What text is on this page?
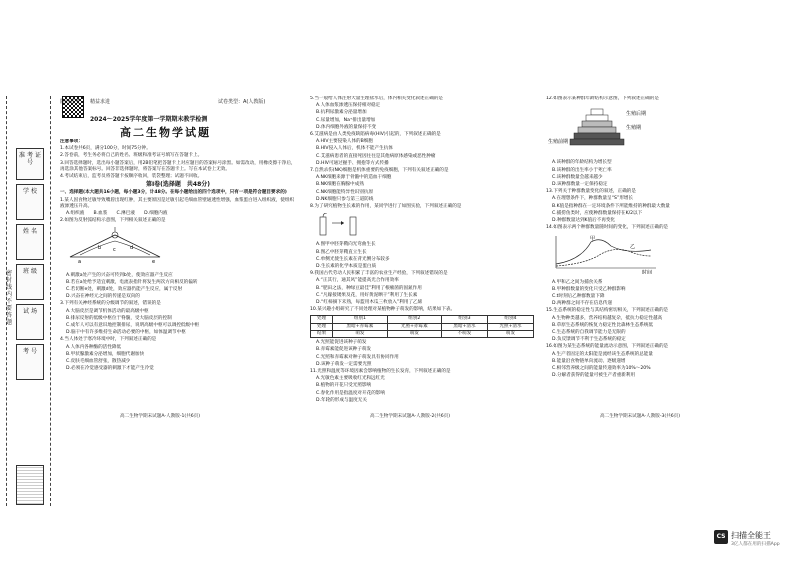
密
封
线
内
不
要
答
题
准考证号
学校
姓名
班级
试场
考号
陕西省考　　精益求进	试卷类型：A(人教版)
2024～2025学年度第一学期期末教学检测
高二生物学试题
注意事项：
1.本试卷共6页，满分100分，时间75分钟。
2.答卷前，考生务必将自己的姓名、班级和准考证号填写在答题卡上。
3.回答选择题时，选出每小题答案后，用2B铅笔把答题卡上对应题目的答案标号涂黑。如需改动，用橡皮擦干净后，再选涂其他答案标号。回答非选择题时，将答案写在答题卡上。写在本试卷上无效。
4.考试结束后，监考员将答题卡按顺序收回，装袋整理；试题不回收。
第Ⅰ卷(选择题　共48分)
一、选择题(本大题共16小题，每小题3分，计48分。在每小题给出的四个选项中，只有一项是符合题目要求的)
1.某人因食物过敏导致嘴唇出现红肿，其主要原因是过敏引起毛细血管壁通透性增强，血浆蛋白进入组织液，使组织液渗透压升高。
A.组织液　　B.血浆　　C.淋巴液　　D.细胞内液
2.如图为反射弧结构示意图，下列相关叙述正确的是
a
b c	d
e
A.刺激a处产生的兴奋可传到b处，使效应器产生反应
B.若在a处给予适宜刺激，电流表指针将发生两次方向相反的偏转
C.若切断e处，刺激d处，效应器仍能产生反应，属于反射
D.兴奋在神经元之间的传递是双向的
3.下列有关神经系统的分级调节的叙述，错误的是
A.大脑皮层是调节机体活动的最高级中枢
B.排尿反射的低级中枢位于脊髓，受大脑皮层的控制
C.成年人可以有意识地控制排尿，说明高级中枢可以调控低级中枢
D.脑干中有许多维持生命活动必要的中枢，如体温调节中枢
4.当人体处于寒冷环境中时，下列叙述正确的是
A.人体内各种酶的活性降低
B.甲状腺激素分泌增加，细胞代谢加快
C.皮肤毛细血管舒张，散热减少
D.必须在冷觉感受器的刺激下才能产生冷觉
高二生物学期末试题A-人教版-1(共6页)
5.当一般给人体注射大量生理盐水后，体内相关变化叙述正确的是
A.人体血浆渗透压保持相对稳定
B.抗利尿激素分泌量增加
C.尿量增加，Na⁺排出量增加
D.体内细胞外液的量保持不变
6.艾滋病是由人类免疫缺陷病毒(HIV)引起的，下列叙述正确的是
A.HIV主要侵染人体的B细胞
B.HIV侵入人体后，机体不能产生抗体
C.艾滋病患者的直接死因往往是其他病原体感染或恶性肿瘤
D.HIV可通过握手、拥抱等方式传播
7.自然杀伤(NK)细胞是机体重要的免疫细胞，下列有关叙述正确的是
A.NK细胞来源于骨髓中的造血干细胞
B.NK细胞在胸腺中成熟
C.NK细胞能特异性识别抗原
D.NK细胞只参与第三道防线
8.为了研究植物生长素的作用，某同学进行了如图实验，下列叙述正确的是
A.图甲中胚芽鞘向光弯曲生长
B.图乙中胚芽鞘直立生长
C.单侧光使生长素在背光侧分布较多
D.生长素的化学本质是蛋白质
9.我国古代劳动人民积累了丰富的农业生产经验，下列叙述错误的是
A.“正其行，通其风”能提高光合作用效率
B.“肥田之法，种绿豆最佳”利用了根瘤菌的固氮作用
C.“凡嫁接矮果及花，用好黄泥晒干”利用了生长素
D.“红柿摘下未熟，每篮用木瓜三枚放入”利用了乙烯
10.某兴趣小组研究了不同处理对某植物种子萌发的影响，结果如下表。
处理	组别1	组别2	组别3	组别4
处理	黑暗+赤霉素	光照+赤霉素	黑暗+清水	光照+清水
结果	萌发	萌发	不萌发	萌发
A.光照能促进该种子萌发
B.赤霉素能促进该种子萌发
C.光照和赤霉素对种子萌发具有协同作用
D.该种子萌发一定需要光照
11.光照和温度等环境因素会影响植物的生长发育，下列叙述正确的是
A.光敏色素主要吸收红光和远红光
B.植物的开花只受光照影响
C.春化作用是指温度对开花的影响
D.年轮的形成与温度无关
高二生物学期末试题A-人教版-2(共6页)
12.如图表示某种群年龄结构示意图，下列叙述正确的是
生殖后期
生殖期
生殖前期
A.该种群的年龄结构为增长型
B.该种群的出生率小于死亡率
C.该种群数量会越来越少
D.该种群数量一定保持稳定
13.下列关于种群数量变化的叙述，正确的是
A.在理想条件下，种群数量呈“S”形增长
B.K值是指种群在一定环境条件下所能维持的种群最大数量
C.捕捞鱼类时，应使种群数量保持在K/2以下
D.种群数量达到K值后不再变化
14.如图表示两个种群数量随时间的变化，下列叙述正确的是
甲
乙
时间
A.甲和乙之间为捕食关系
B.甲种群数量的变化只受乙种群影响
C.t时刻后乙种群数量下降
D.两种群之间不存在信息传递
15.生态系统的稳定性与其结构密切相关，下列叙述正确的是
A.生物种类越多，营养结构越复杂，抵抗力稳定性越高
B.草原生态系统的恢复力稳定性比森林生态系统低
C.生态系统的自我调节能力是无限的
D.负反馈调节不利于生态系统的稳定
16.如图为某生态系统的能量流动示意图，下列叙述正确的是
A.生产者固定的太阳能是流经该生态系统的总能量
B.能量沿食物链单向流动、逐级递增
C.相邻营养级之间的能量传递效率为10%～20%
D.分解者获得的能量可被生产者重新利用
高二生物学期末试题A-人教版-3(共6页)
CS 扫描全能王
3亿人都在用的扫描App
